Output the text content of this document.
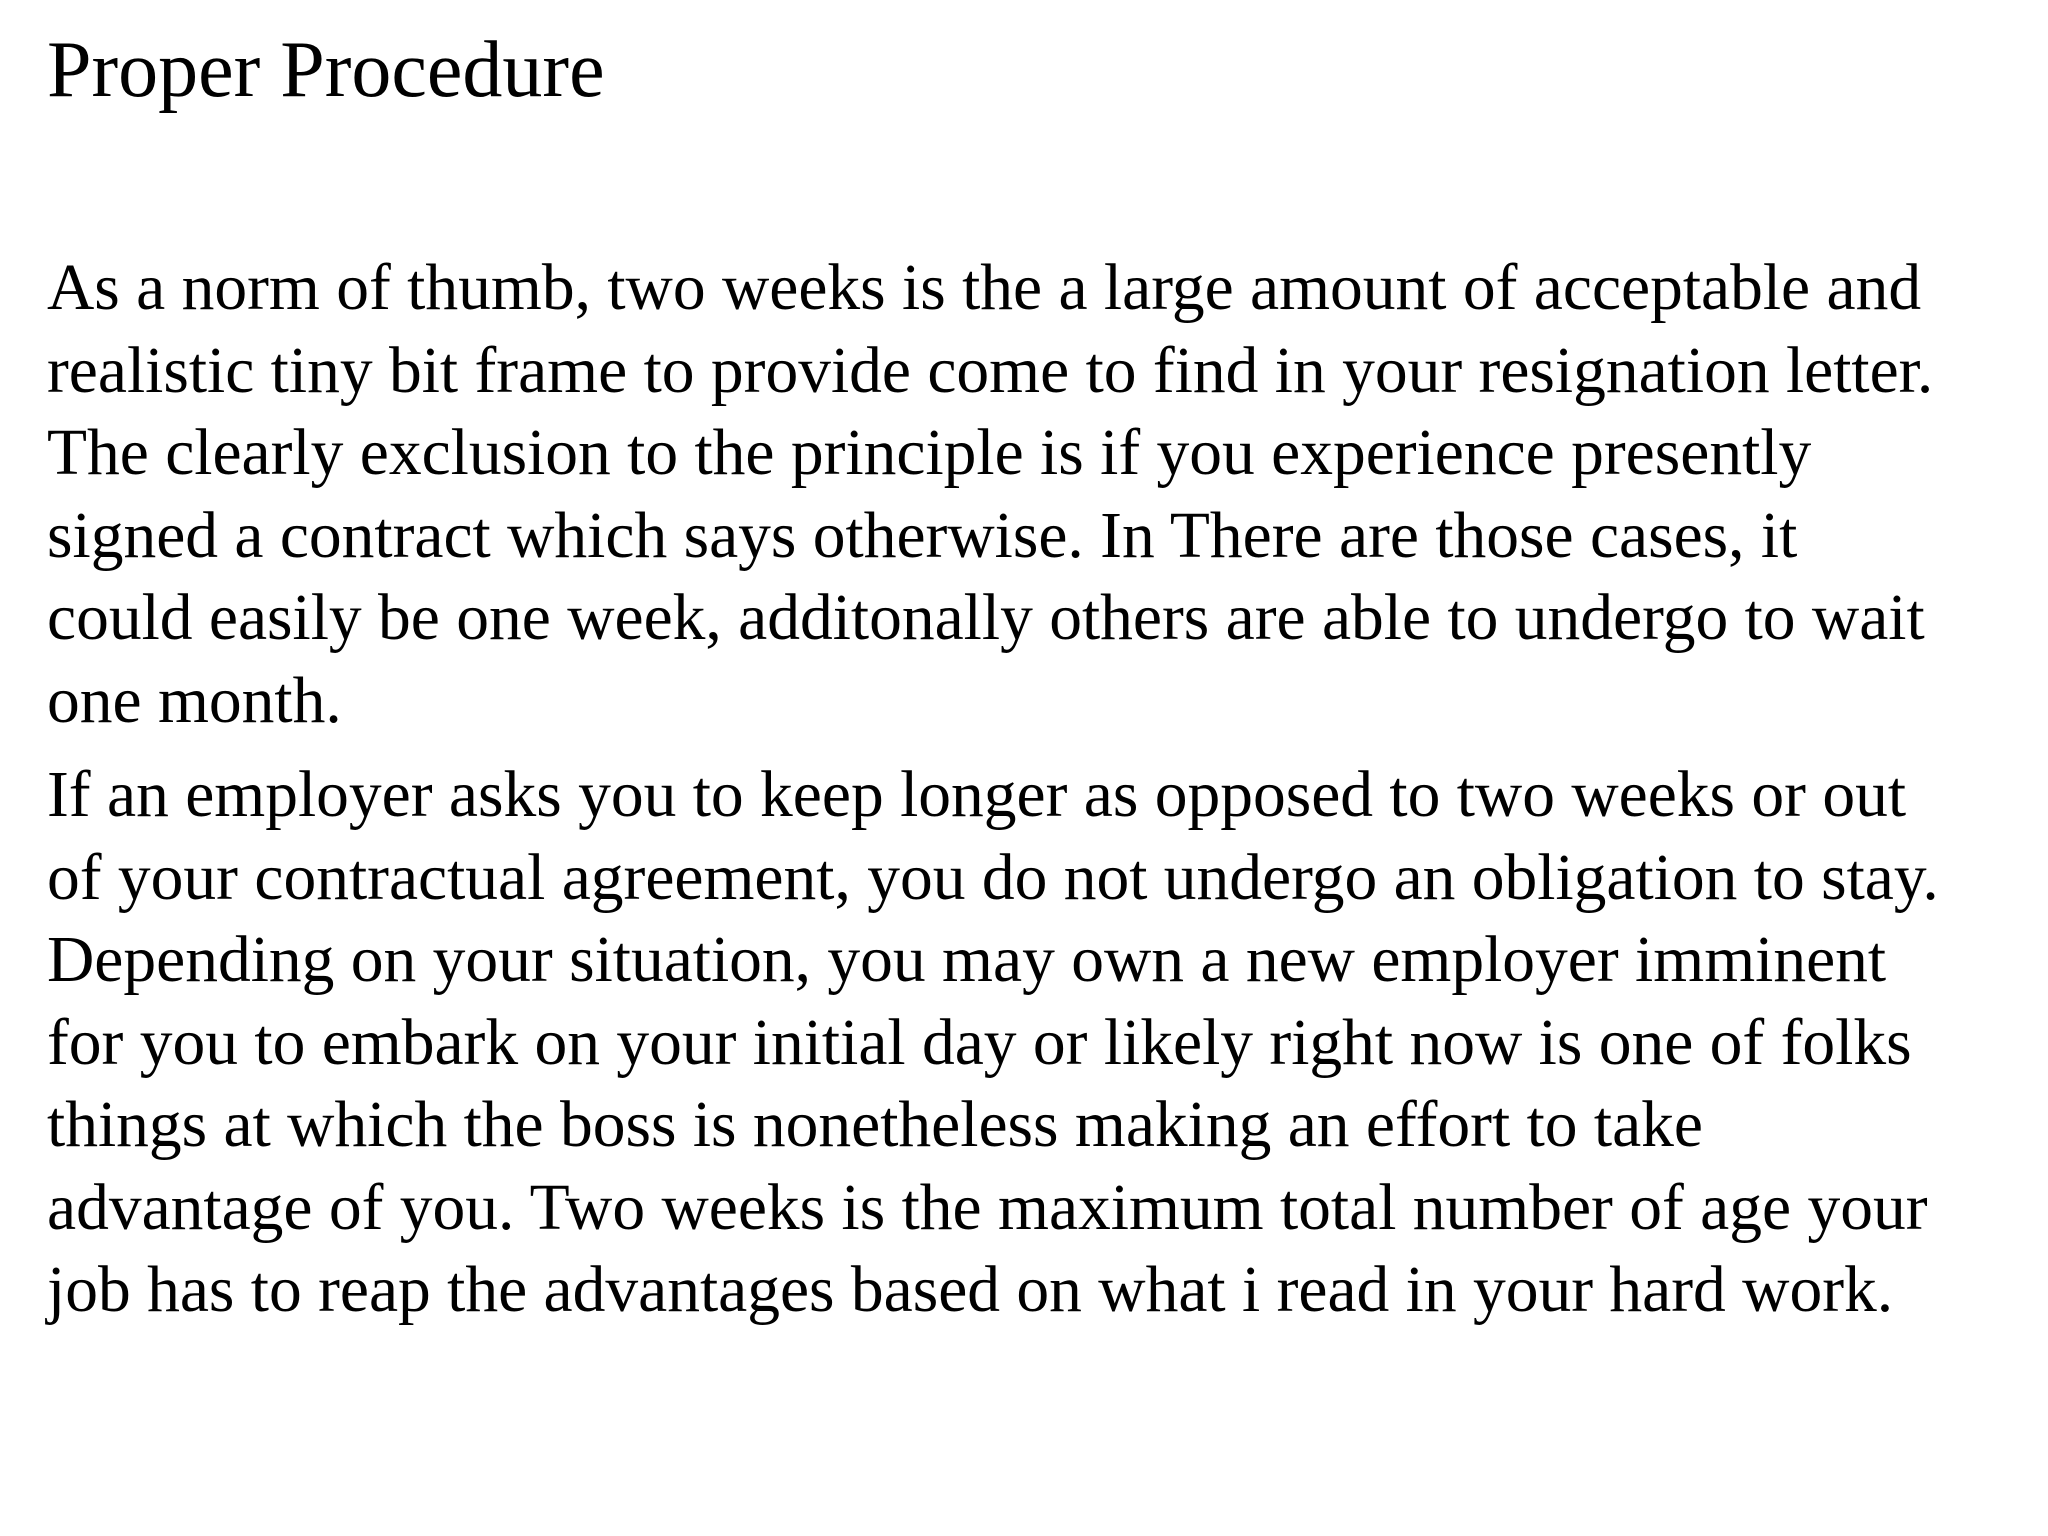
Proper Procedure

As a norm of thumb, two weeks is the a large amount of acceptable and
realistic tiny bit frame to provide come to find in your resignation letter.
The clearly exclusion to the principle is if you experience presently
signed a contract which says otherwise. In There are those cases, it
could easily be one week, additonally others are able to undergo to wait
one month.

If an employer asks you to keep longer as opposed to two weeks or out
of your contractual agreement, you do not undergo an obligation to stay.
Depending on your situation, you may own a new employer imminent
for you to embark on your initial day or likely right now is one of folks
things at which the boss is nonetheless making an effort to take
advantage of you. Two weeks is the maximum total number of age your
job has to reap the advantages based on what i read in your hard work.
